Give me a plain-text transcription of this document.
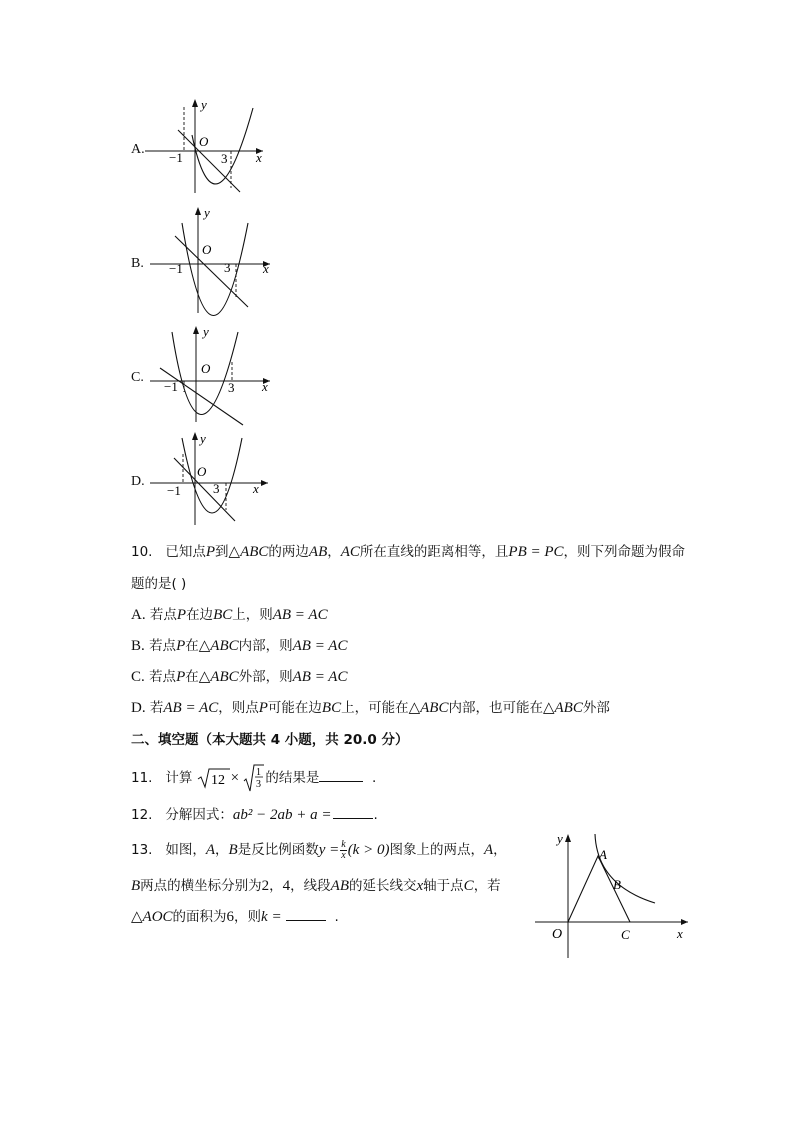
A.
y
O
−1	3 x
B.
y
O
−1	3	x
C.
y
O
−1	3 x
D.
y
O
−1 3	x
10. 已知点P到△ABC的两边AB，AC所在直线的距离相等，且PB = PC，则下列命题为假命
题的是( )
A. 若点P在边BC上，则AB = AC
B. 若点P在△ABC内部，则AB = AC
C. 若点P在△ABC外部，则AB = AC
D. 若AB = AC，则点P可能在边BC上，可能在△ABC内部，也可能在△ABC外部
二、填空题（本大题共 4 小题，共 20.0 分）
11. 计算 12 × 1
3 的结果是	.
12. 分解因式：ab² − 2ab + a =	.
13. 如图，A，B是反比例函数$y = \frac{k}{x} (k > 0)$图象上的两点，A，
B两点的横坐标分别为2，4，线段AB的延长线交x轴于点C，若
△AOC的面积为6，则k =	.
y
O
A
B
C	x
